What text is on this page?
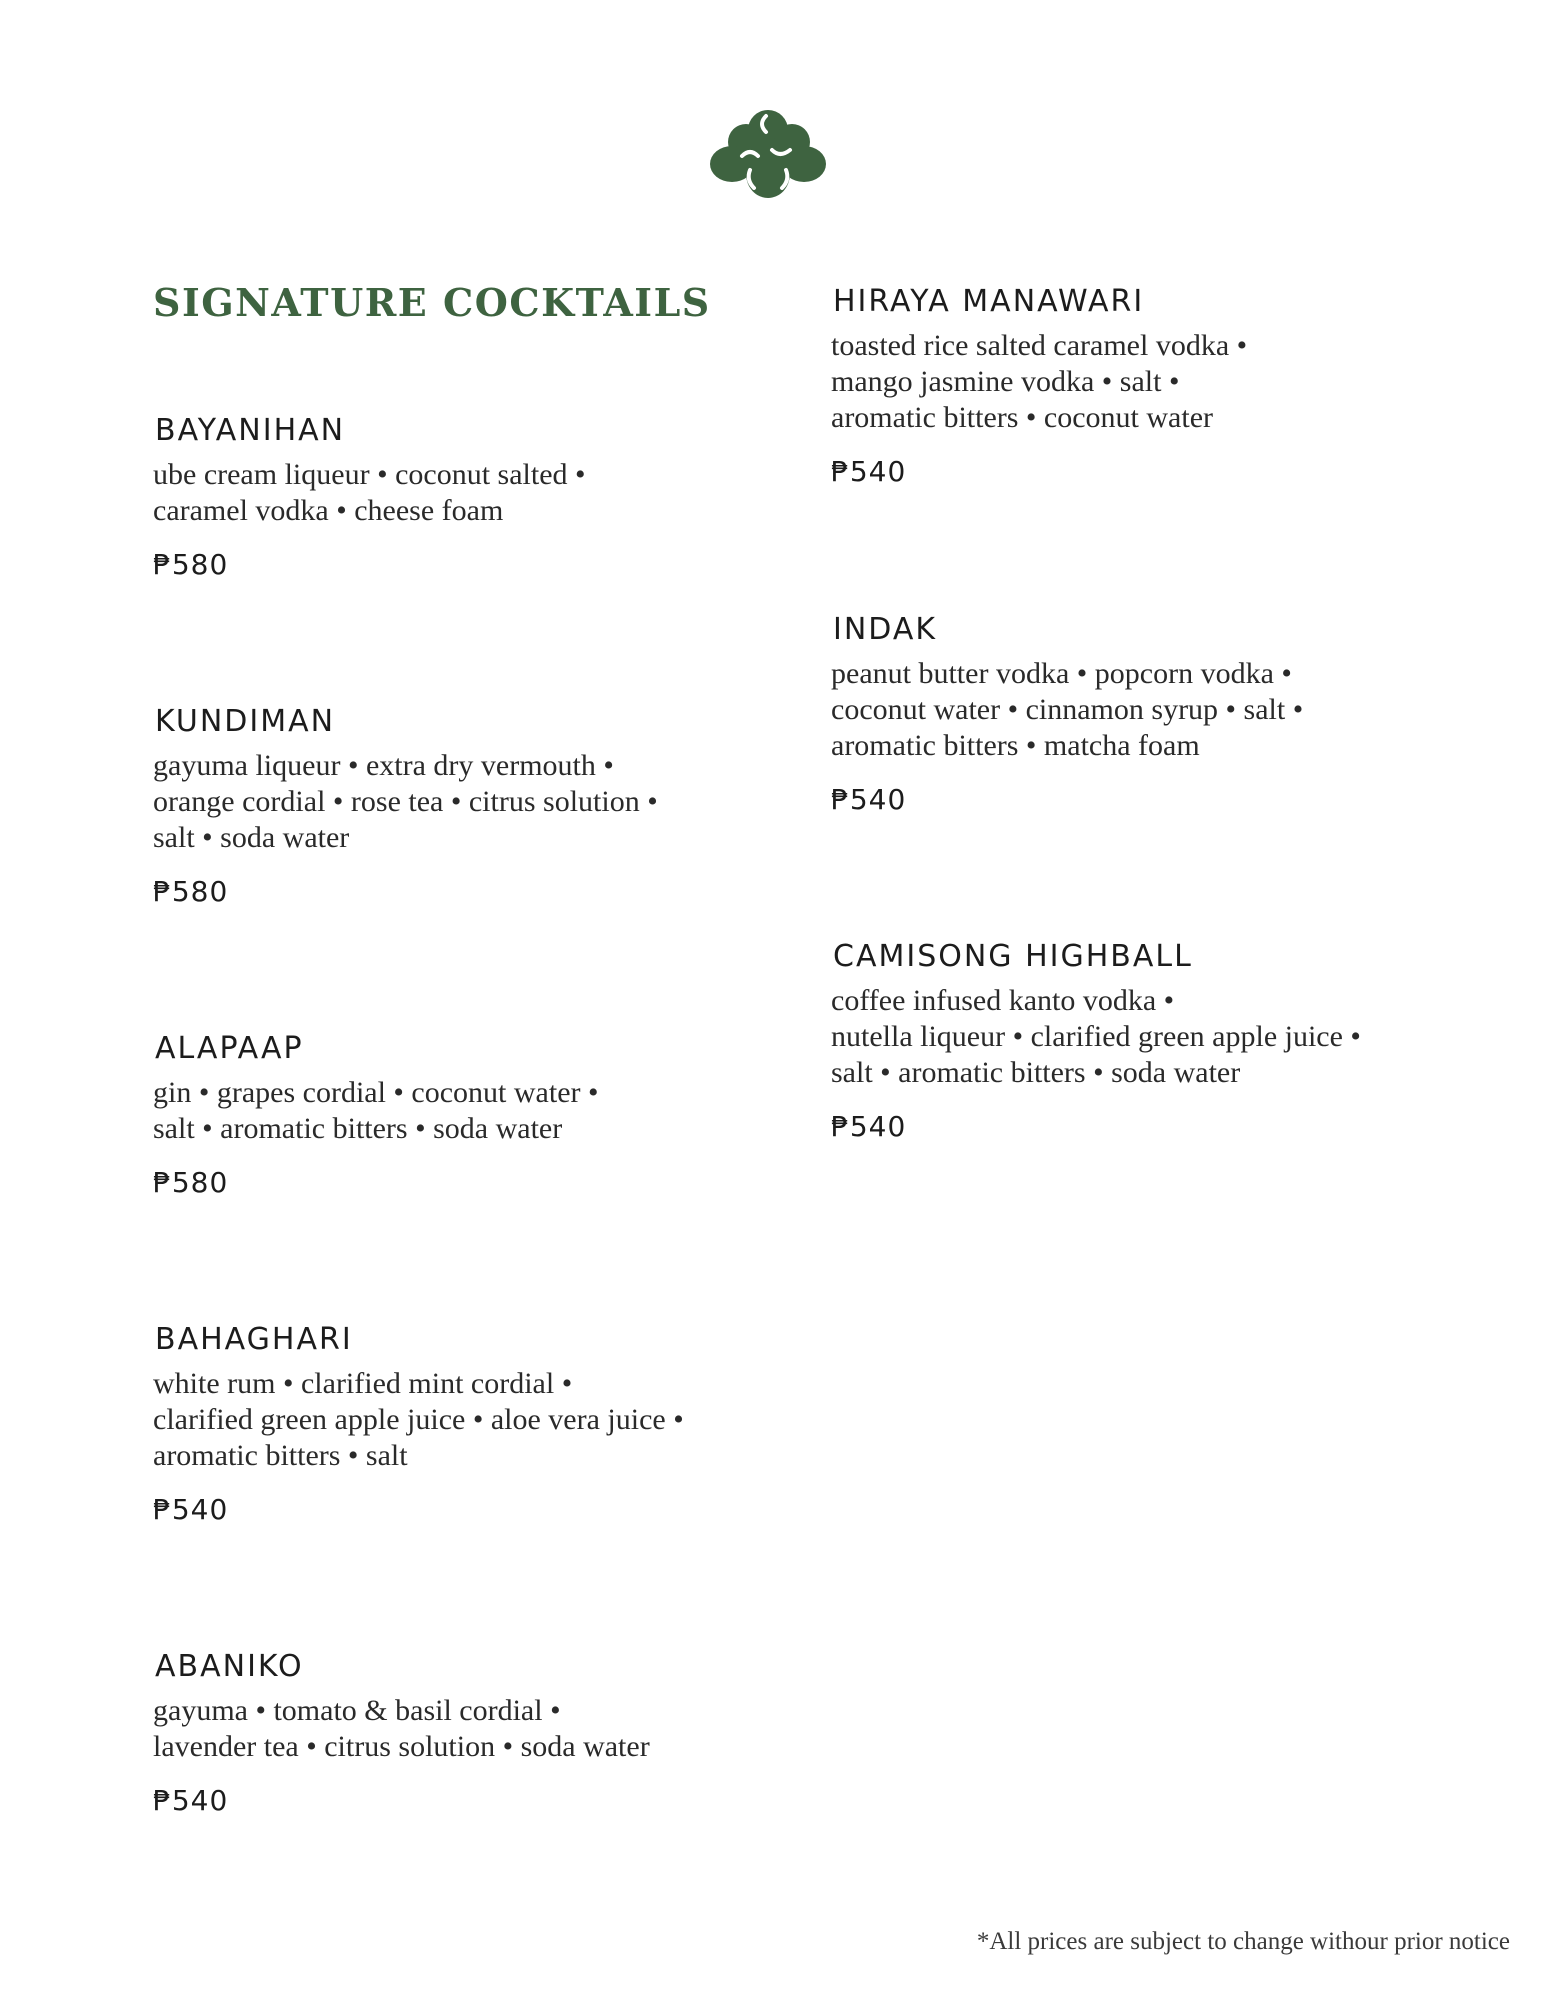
SIGNATURE COCKTAILS
BAYANIHAN
ube cream liqueur • coconut salted •
caramel vodka • cheese foam
₱580
KUNDIMAN
gayuma liqueur • extra dry vermouth •
orange cordial • rose tea • citrus solution •
salt • soda water
₱580
ALAPAAP
gin • grapes cordial • coconut water •
salt • aromatic bitters • soda water
₱580
BAHAGHARI
white rum • clarified mint cordial •
clarified green apple juice • aloe vera juice •
aromatic bitters • salt
₱540
ABANIKO
gayuma • tomato & basil cordial •
lavender tea • citrus solution • soda water
₱540
HIRAYA MANAWARI
toasted rice salted caramel vodka •
mango jasmine vodka • salt •
aromatic bitters • coconut water
₱540
INDAK
peanut butter vodka • popcorn vodka •
coconut water • cinnamon syrup • salt •
aromatic bitters • matcha foam
₱540
CAMISONG HIGHBALL
coffee infused kanto vodka •
nutella liqueur • clarified green apple juice •
salt • aromatic bitters • soda water
₱540
*All prices are subject to change withour prior notice
